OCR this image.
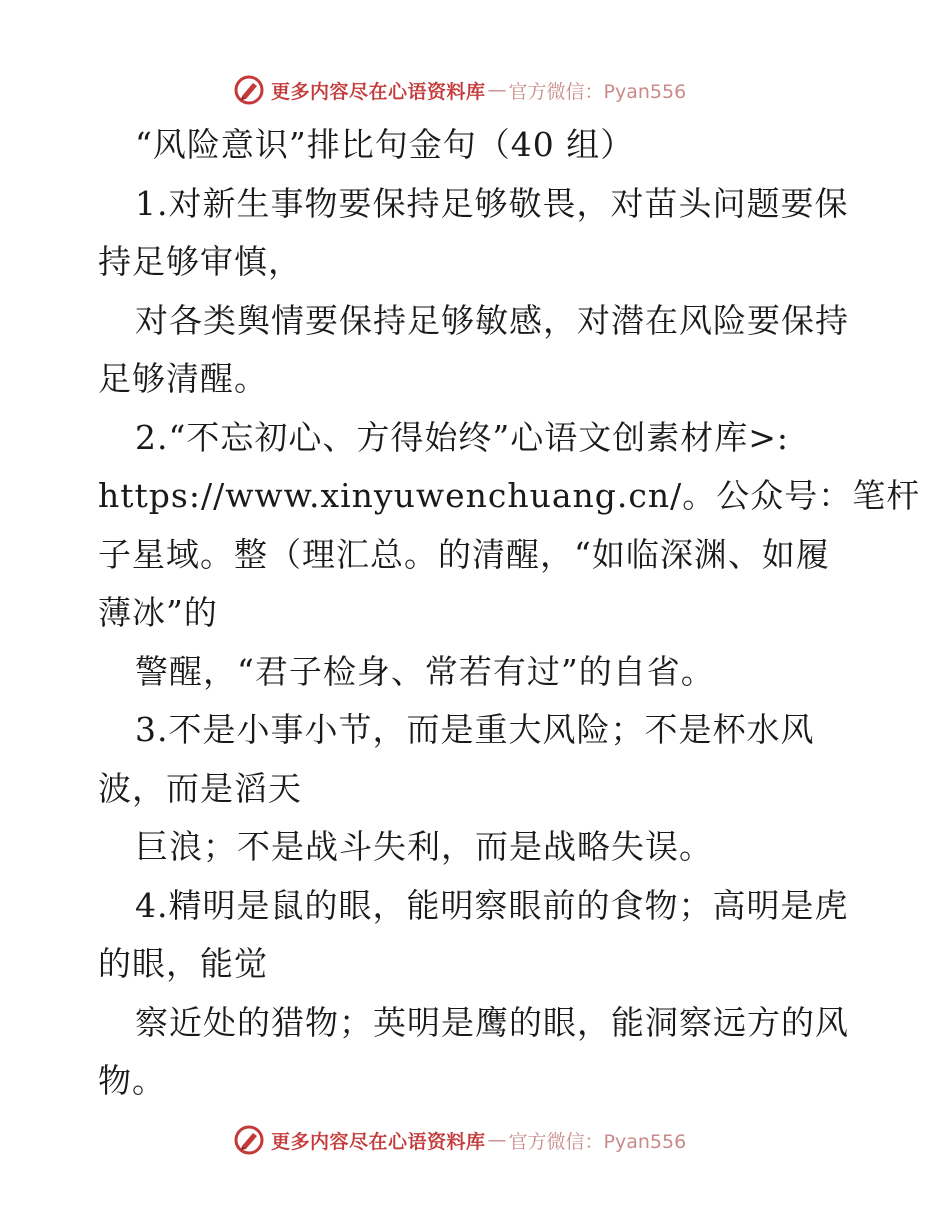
更多内容尽在心语资料库 — 官方微信：Pyan556
“风险意识”排比句金句（40 组）
1.对新生事物要保持足够敬畏，对苗头问题要保
持足够审慎，
对各类舆情要保持足够敏感，对潜在风险要保持
足够清醒。
2.“不忘初心、方得始终”心语文创素材库>:
https://www.xinyuwenchuang.cn/。公众号：笔杆
子星域。整（理汇总。的清醒，“如临深渊、如履
薄冰”的
警醒，“君子检身、常若有过”的自省。
3.不是小事小节，而是重大风险；不是杯水风
波，而是滔天
巨浪；不是战斗失利，而是战略失误。
4.精明是鼠的眼，能明察眼前的食物；高明是虎
的眼，能觉
察近处的猎物；英明是鹰的眼，能洞察远方的风
物。
更多内容尽在心语资料库 — 官方微信：Pyan556
